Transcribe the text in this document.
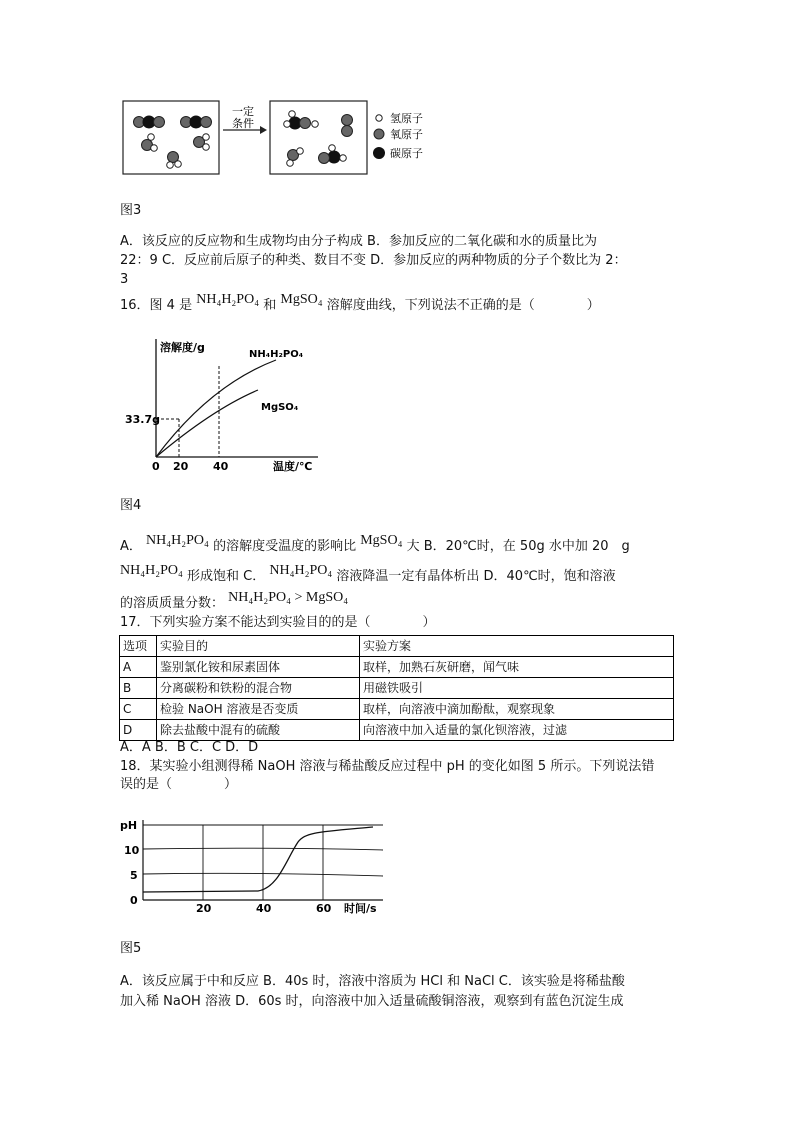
一定
条件	氢原子
氧原子
碳原子
图3
A．该反应的反应物和生成物均由分子构成 B．参加反应的二氧化碳和水的质量比为
22：9 C．反应前后原子的种类、数目不变 D．参加反应的两种物质的分子个数比为 2：
3
16．图 4 是 NH₄H₂PO₄ 和 MgSO₄ 溶解度曲线，下列说法不正确的是（　　　　）
溶解度/g
温度/℃
NH₄H₂PO₄
MgSO₄
33.7g
0 20 40
图4
A． NH₄H₂PO₄ 的溶解度受温度的影响比 MgSO₄ 大 B．20℃时，在 50g 水中加 20　g
NH₄H₂PO₄ 形成饱和 C． NH₄H₂PO₄ 溶液降温一定有晶体析出 D．40℃时，饱和溶液
的溶质质量分数： NH₄H₂PO₄ > MgSO₄
17．下列实验方案不能达到实验目的的是（　　　　）
选项	实验目的	实验方案
A	鉴别氯化铵和尿素固体	取样，加熟石灰研磨，闻气味
B	分离碳粉和铁粉的混合物	用磁铁吸引
C	检验 NaOH 溶液是否变质	取样，向溶液中滴加酚酞，观察现象
D	除去盐酸中混有的硫酸	向溶液中加入适量的氯化钡溶液，过滤
A．A B．B C．C D．D
18．某实验小组测得稀 NaOH 溶液与稀盐酸反应过程中 pH 的变化如图 5 所示。下列说法错
误的是（　　　　）
pH
10
5
0
20	40	60 时间/s
图5
A．该反应属于中和反应 B．40s 时，溶液中溶质为 HCl 和 NaCl C．该实验是将稀盐酸
加入稀 NaOH 溶液 D．60s 时，向溶液中加入适量硫酸铜溶液，观察到有蓝色沉淀生成
